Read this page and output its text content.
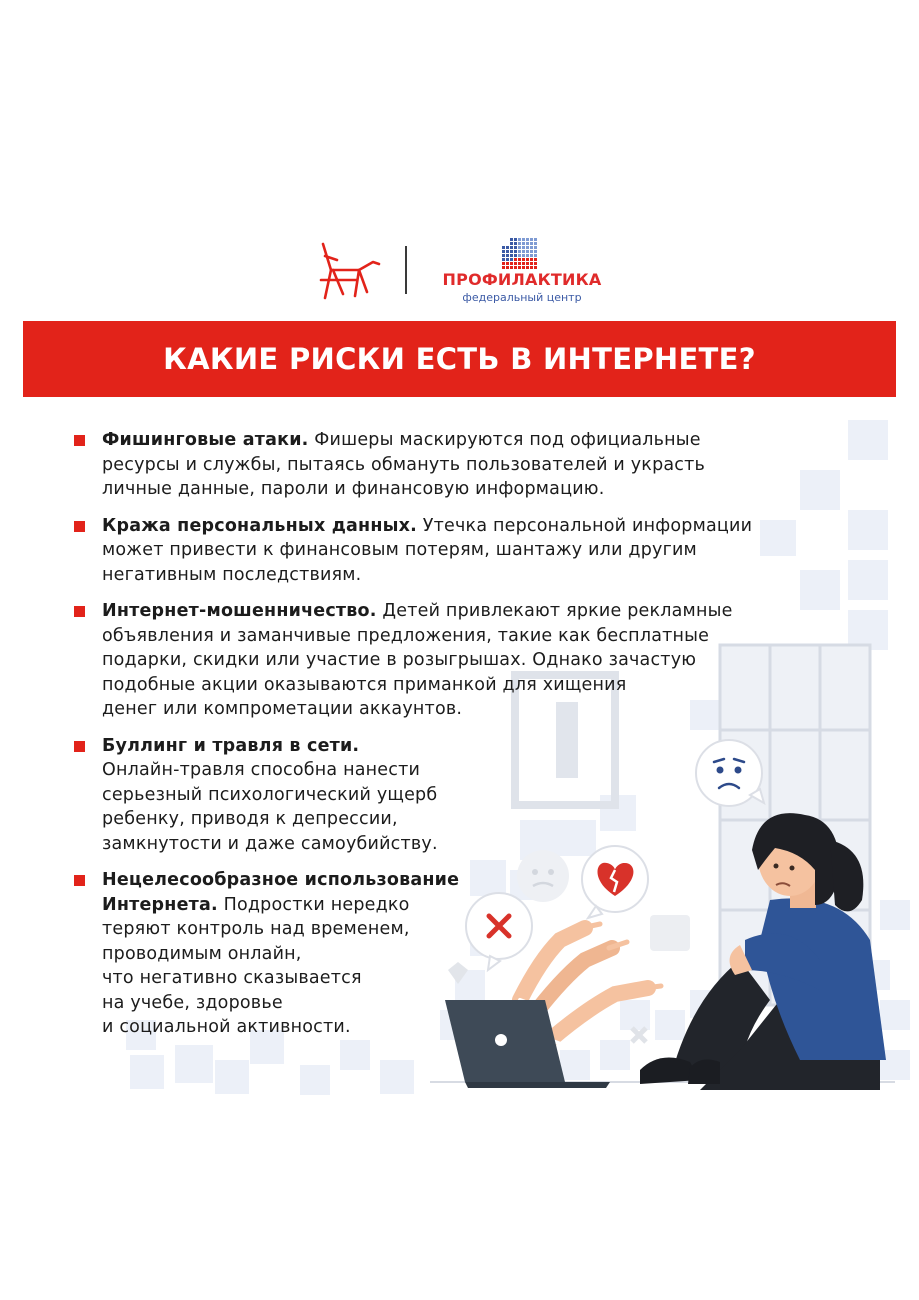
ПРОФИЛАКТИКА
федеральный центр
КАКИЕ РИСКИ ЕСТЬ В ИНТЕРНЕТЕ?
Фишинговые атаки. Фишеры маскируются под официальные
ресурсы и службы, пытаясь обмануть пользователей и украсть
личные данные, пароли и финансовую информацию.
Кража персональных данных. Утечка персональной информации
может привести к финансовым потерям, шантажу или другим
негативным последствиям.
Интернет-мошенничество. Детей привлекают яркие рекламные
объявления и заманчивые предложения, такие как бесплатные
подарки, скидки или участие в розыгрышах. Однако зачастую
подобные акции оказываются приманкой для хищения
денег или компрометации аккаунтов.
Буллинг и травля в сети.
Онлайн-травля способна нанести
серьезный психологический ущерб
ребенку, приводя к депрессии,
замкнутости и даже самоубийству.
Нецелесообразное использование
Интернета. Подростки нередко
теряют контроль над временем,
проводимым онлайн,
что негативно сказывается
на учебе, здоровье
и социальной активности.
